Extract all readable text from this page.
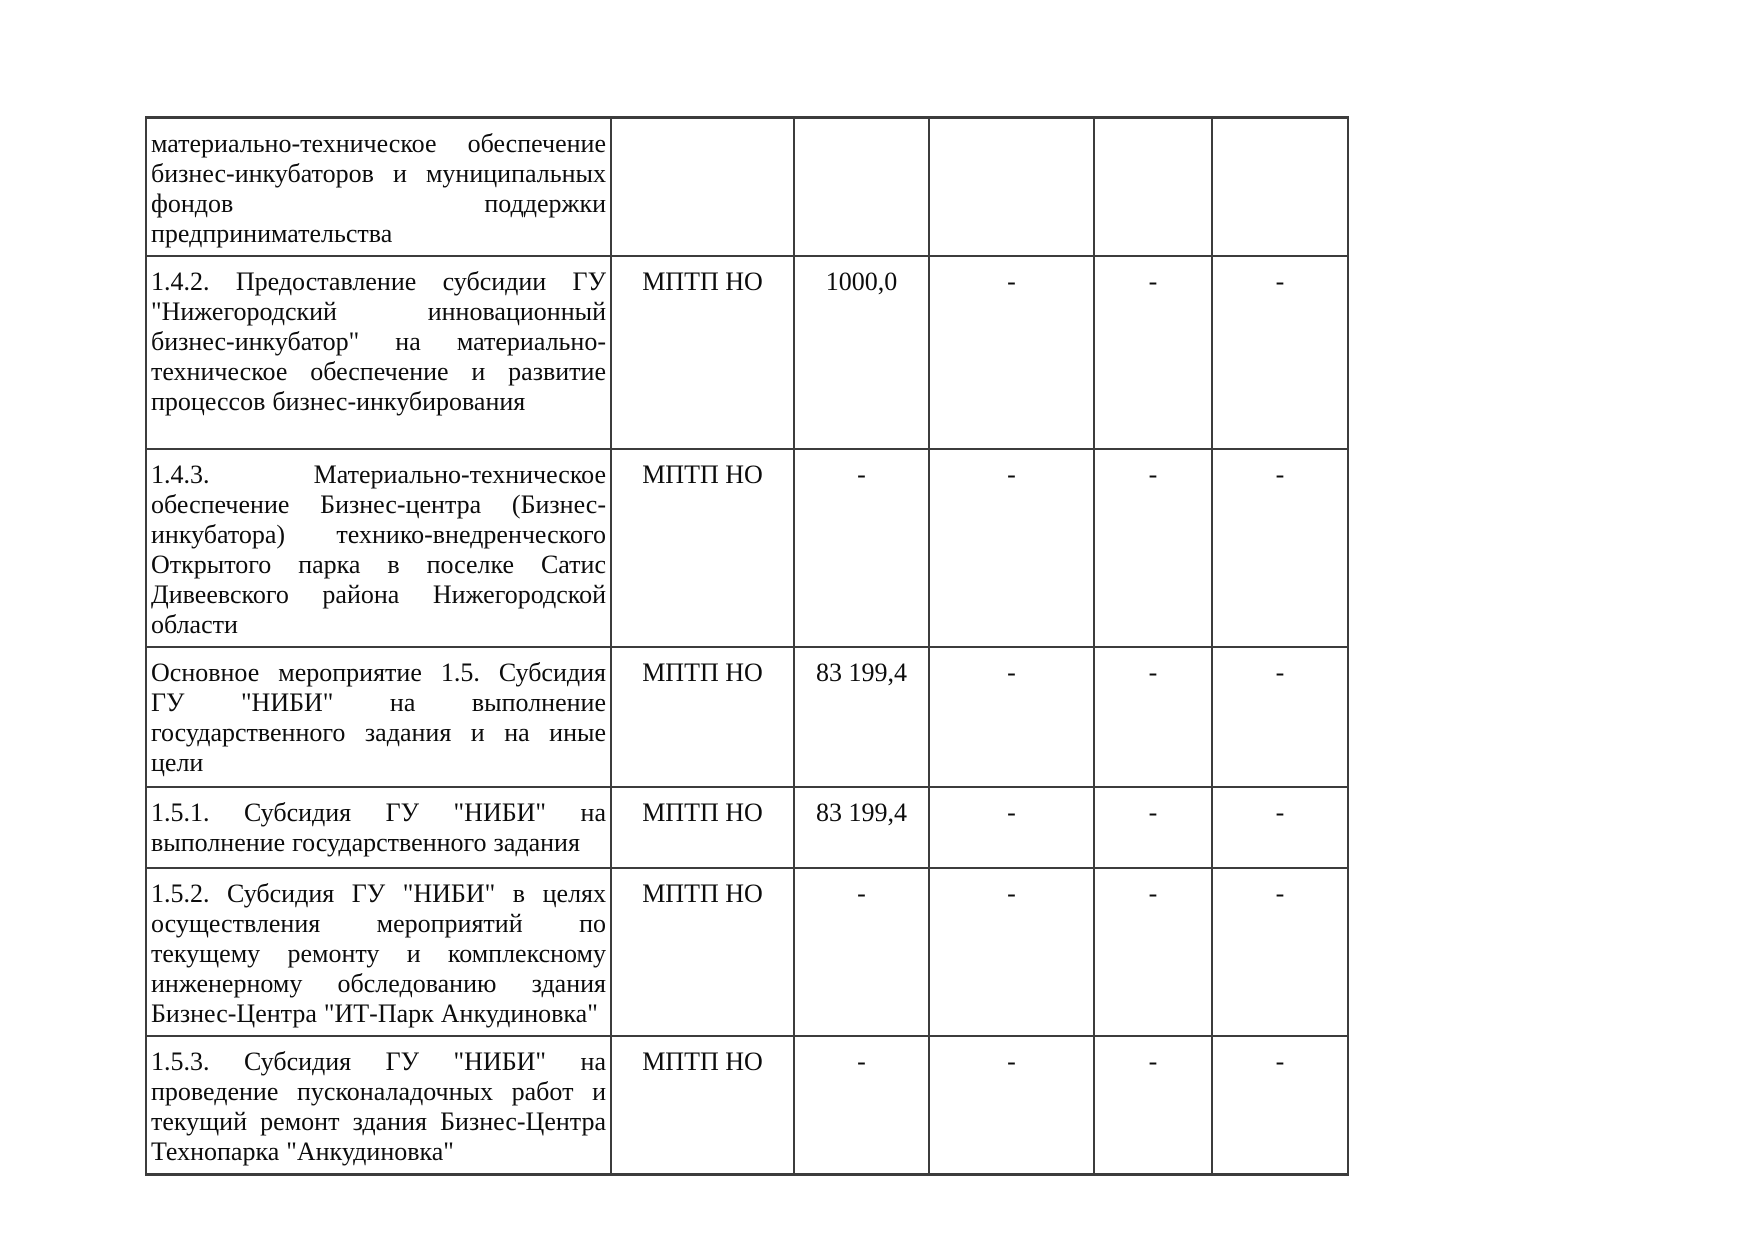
материально-техническое обеспечение бизнес-инкубаторов и муниципальных фондов поддержки предпринимательства					
1.4.2. Предоставление субсидии ГУ "Нижегородский инновационный бизнес-инкубатор" на материально-техническое обеспечение и развитие процессов бизнес-инкубирования	МПТП НО	1000,0	-	-	-
1.4.3. Материально-техническое обеспечение Бизнес-центра (Бизнес-инкубатора) технико-внедренческого Открытого парка в поселке Сатис Дивеевского района Нижегородской области	МПТП НО	-	-	-	-
Основное мероприятие 1.5. Субсидия ГУ "НИБИ" на выполнение государственного задания и на иные цели	МПТП НО	83 199,4	-	-	-
1.5.1. Субсидия ГУ "НИБИ" на выполнение государственного задания	МПТП НО	83 199,4	-	-	-
1.5.2. Субсидия ГУ "НИБИ" в целях осуществления мероприятий по текущему ремонту и комплексному инженерному обследованию здания Бизнес-Центра "ИТ-Парк Анкудиновка"	МПТП НО	-	-	-	-
1.5.3. Субсидия ГУ "НИБИ" на проведение пусконаладочных работ и текущий ремонт здания Бизнес-Центра Технопарка "Анкудиновка"	МПТП НО	-	-	-	-
